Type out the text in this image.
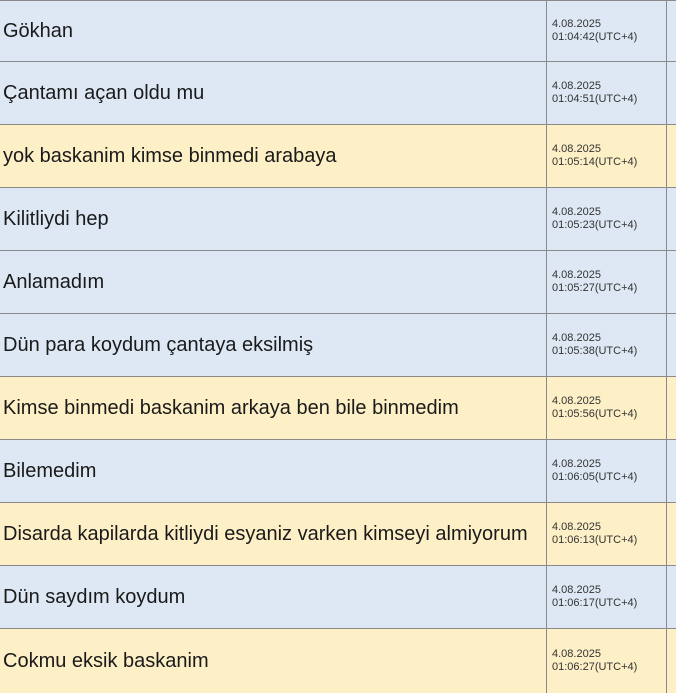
Gökhan	4.08.2025
01:04:42(UTC+4)
Çantamı açan oldu mu	4.08.2025
01:04:51(UTC+4)
yok baskanim kimse binmedi arabaya	4.08.2025
01:05:14(UTC+4)
Kilitliydi hep	4.08.2025
01:05:23(UTC+4)
Anlamadım	4.08.2025
01:05:27(UTC+4)
Dün para koydum çantaya eksilmiş	4.08.2025
01:05:38(UTC+4)
Kimse binmedi baskanim arkaya ben bile binmedim	4.08.2025
01:05:56(UTC+4)
Bilemedim	4.08.2025
01:06:05(UTC+4)
Disarda kapilarda kitliydi esyaniz varken kimseyi almiyorum	4.08.2025
01:06:13(UTC+4)
Dün saydım koydum	4.08.2025
01:06:17(UTC+4)
Cokmu eksik baskanim	4.08.2025
01:06:27(UTC+4)
